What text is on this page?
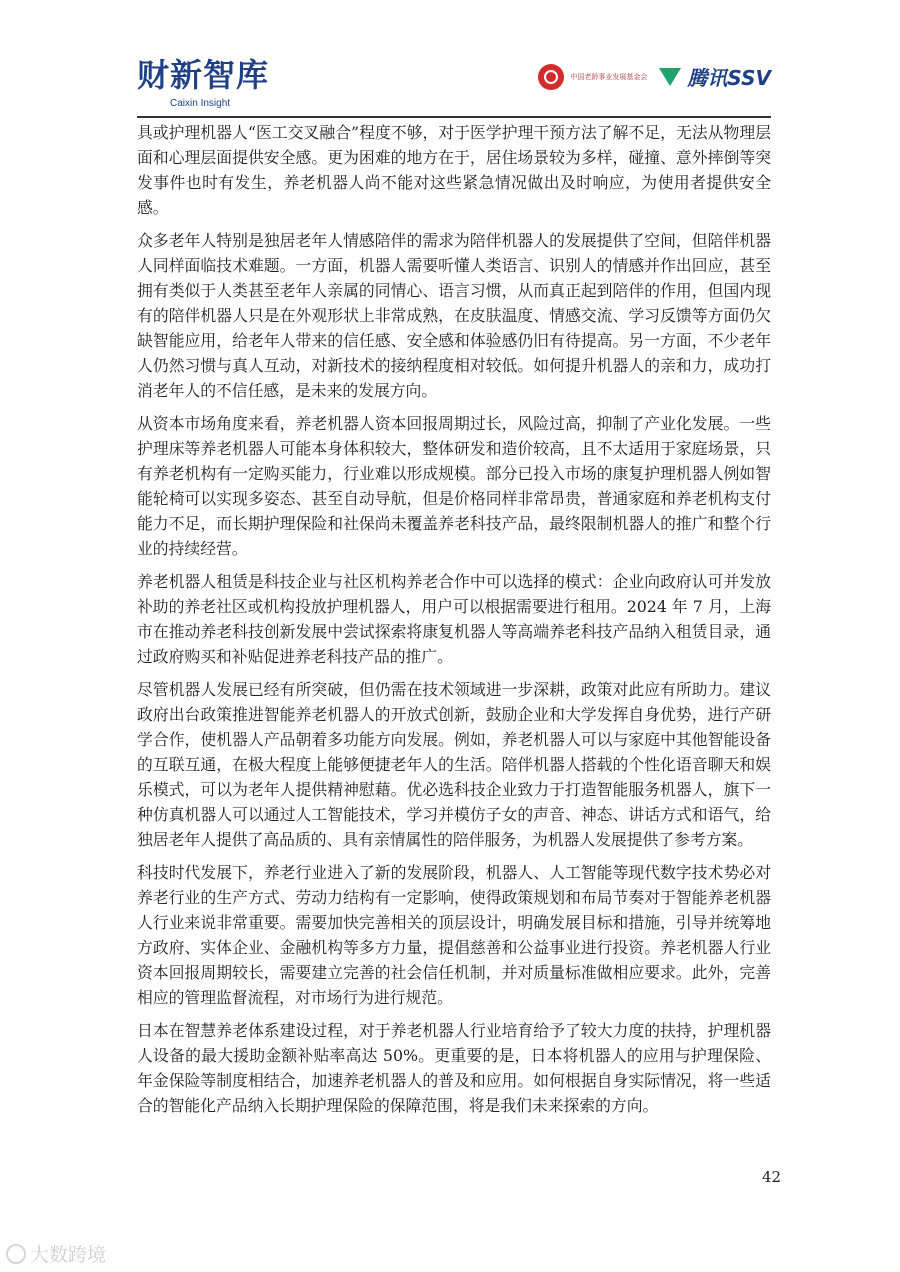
财新智库
Caixin Insight
中国老龄事业发展基金会 腾讯SSV

具或护理机器人“医工交叉融合”程度不够，对于医学护理干预方法了解不足，无法从物理层面和心理层面提供安全感。更为困难的地方在于，居住场景较为多样，碰撞、意外摔倒等突发事件也时有发生，养老机器人尚不能对这些紧急情况做出及时响应，为使用者提供安全感。

众多老年人特别是独居老年人情感陪伴的需求为陪伴机器人的发展提供了空间，但陪伴机器人同样面临技术难题。一方面，机器人需要听懂人类语言、识别人的情感并作出回应，甚至拥有类似于人类甚至老年人亲属的同情心、语言习惯，从而真正起到陪伴的作用，但国内现有的陪伴机器人只是在外观形状上非常成熟，在皮肤温度、情感交流、学习反馈等方面仍欠缺智能应用，给老年人带来的信任感、安全感和体验感仍旧有待提高。另一方面，不少老年人仍然习惯与真人互动，对新技术的接纳程度相对较低。如何提升机器人的亲和力，成功打消老年人的不信任感，是未来的发展方向。

从资本市场角度来看，养老机器人资本回报周期过长，风险过高，抑制了产业化发展。一些护理床等养老机器人可能本身体积较大，整体研发和造价较高，且不太适用于家庭场景，只有养老机构有一定购买能力，行业难以形成规模。部分已投入市场的康复护理机器人例如智能轮椅可以实现多姿态、甚至自动导航，但是价格同样非常昂贵，普通家庭和养老机构支付能力不足，而长期护理保险和社保尚未覆盖养老科技产品，最终限制机器人的推广和整个行业的持续经营。

养老机器人租赁是科技企业与社区机构养老合作中可以选择的模式：企业向政府认可并发放补助的养老社区或机构投放护理机器人，用户可以根据需要进行租用。2024 年 7 月，上海市在推动养老科技创新发展中尝试探索将康复机器人等高端养老科技产品纳入租赁目录，通过政府购买和补贴促进养老科技产品的推广。

尽管机器人发展已经有所突破，但仍需在技术领域进一步深耕，政策对此应有所助力。建议政府出台政策推进智能养老机器人的开放式创新，鼓励企业和大学发挥自身优势，进行产研学合作，使机器人产品朝着多功能方向发展。例如，养老机器人可以与家庭中其他智能设备的互联互通，在极大程度上能够便捷老年人的生活。陪伴机器人搭载的个性化语音聊天和娱乐模式，可以为老年人提供精神慰藉。优必选科技企业致力于打造智能服务机器人，旗下一种仿真机器人可以通过人工智能技术，学习并模仿子女的声音、神态、讲话方式和语气，给独居老年人提供了高品质的、具有亲情属性的陪伴服务，为机器人发展提供了参考方案。

科技时代发展下，养老行业进入了新的发展阶段，机器人、人工智能等现代数字技术势必对养老行业的生产方式、劳动力结构有一定影响，使得政策规划和布局节奏对于智能养老机器人行业来说非常重要。需要加快完善相关的顶层设计，明确发展目标和措施，引导并统筹地方政府、实体企业、金融机构等多方力量，提倡慈善和公益事业进行投资。养老机器人行业资本回报周期较长，需要建立完善的社会信任机制，并对质量标准做相应要求。此外，完善相应的管理监督流程，对市场行为进行规范。

日本在智慧养老体系建设过程，对于养老机器人行业培育给予了较大力度的扶持，护理机器人设备的最大援助金额补贴率高达 50%。更重要的是，日本将机器人的应用与护理保险、年金保险等制度相结合，加速养老机器人的普及和应用。如何根据自身实际情况，将一些适合的智能化产品纳入长期护理保险的保障范围，将是我们未来探索的方向。

42
大数跨境
